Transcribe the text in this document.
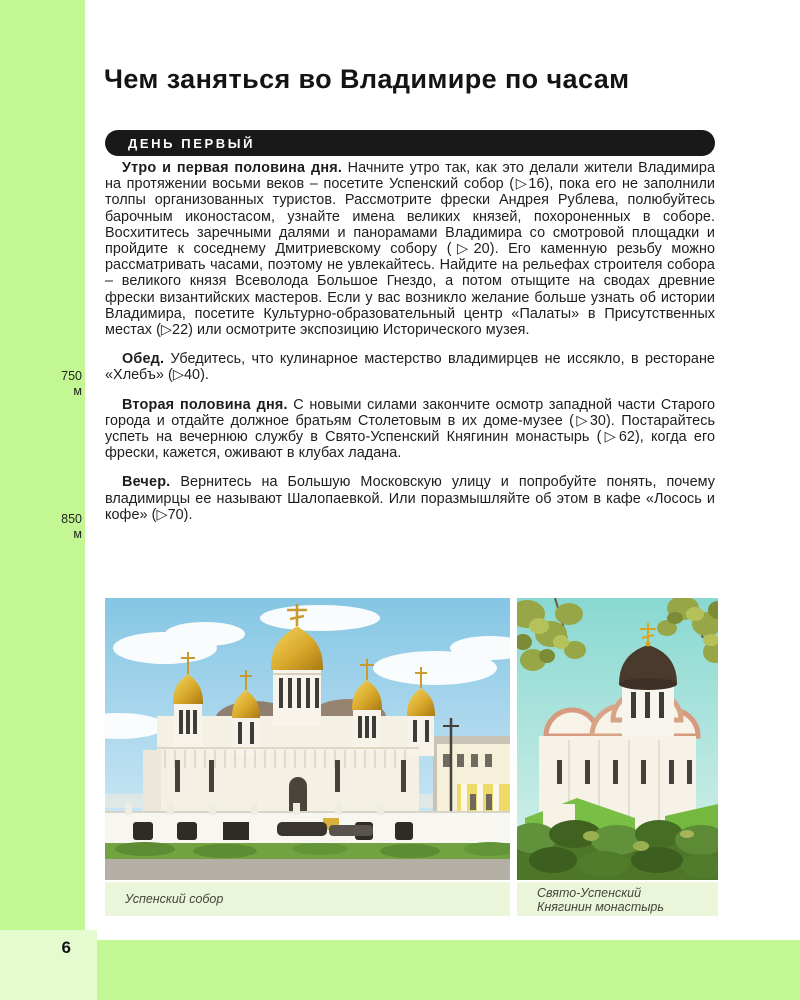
6
Чем заняться во Владимире по часам
ДЕНЬ ПЕРВЫЙ
750
м
850
м

Утро и первая половина дня. Начните утро так, как это делали жители Владимира на протяжении восьми веков – посетите Успенский собор (▷16), пока его не заполнили толпы организованных туристов. Рассмотрите фрески Андрея Рублева, полюбуйтесь барочным иконостасом, узнайте имена великих князей, похороненных в соборе. Восхититесь заречными далями и панорамами Владимира со смотровой площадки и пройдите к соседнему Дмитриевскому собору (▷20). Его каменную резьбу можно рассматривать часами, поэтому не увлекайтесь. Найдите на рельефах строителя собора – великого князя Всеволода Большое Гнездо, а потом отыщите на сводах древние фрески византийских мастеров. Если у вас возникло желание больше узнать об истории Владимира, посетите Культурно-образовательный центр «Палаты» в Присутственных местах (▷22) или осмотрите экспозицию Исторического музея.

Обед. Убедитесь, что кулинарное мастерство владимирцев не иссякло, в ресторане «Хлебъ» (▷40).

Вторая половина дня. С новыми силами закончите осмотр западной части Старого города и отдайте должное братьям Столетовым в их доме-музее (▷30). Постарайтесь успеть на вечернюю службу в Свято-Успенский Княгинин монастырь (▷62), когда его фрески, кажется, оживают в клубах ладана.

Вечер. Вернитесь на Большую Московскую улицу и попробуйте понять, почему владимирцы ее называют Шалопаевкой. Или поразмышляйте об этом в кафе «Лосось и кофе» (▷70).

Успенский собор	Свято-Успенский
Княгинин монастырь
